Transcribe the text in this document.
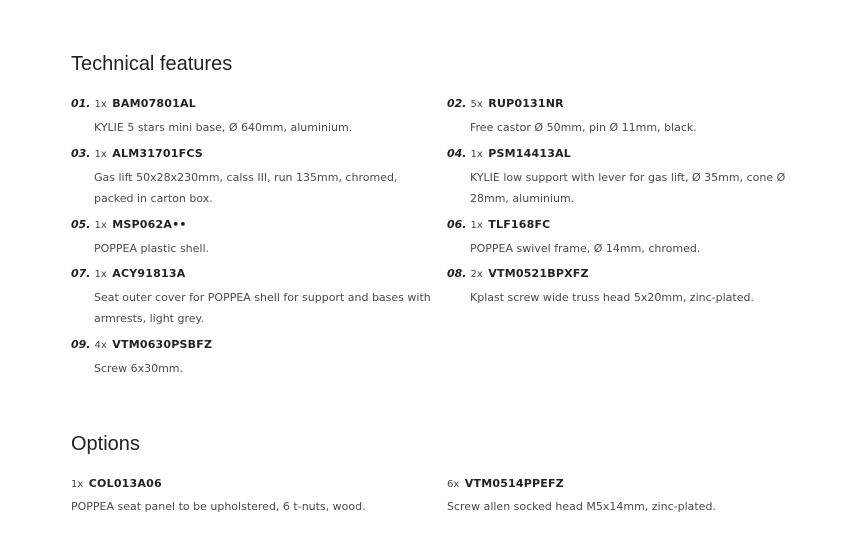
Technical features
01. 1x BAM07801AL
KYLIE 5 stars mini base, Ø 640mm, aluminium.
02. 5x RUP0131NR
Free castor Ø 50mm, pin Ø 11mm, black.
03. 1x ALM31701FCS
Gas lift 50x28x230mm, calss III, run 135mm, chromed, packed in carton box.
04. 1x PSM14413AL
KYLIE low support with lever for gas lift, Ø 35mm, cone Ø 28mm, aluminium.
05. 1x MSP062A••
POPPEA plastic shell.
06. 1x TLF168FC
POPPEA swivel frame, Ø 14mm, chromed.
07. 1x ACY91813A
Seat outer cover for POPPEA shell for support and bases with armrests, light grey.
08. 2x VTM0521BPXFZ
Kplast screw wide truss head 5x20mm, zinc-plated.
09. 4x VTM0630PSBFZ
Screw 6x30mm.
Options
1x COL013A06
POPPEA seat panel to be upholstered, 6 t-nuts, wood.
6x VTM0514PPEFZ
Screw allen socked head M5x14mm, zinc-plated.
